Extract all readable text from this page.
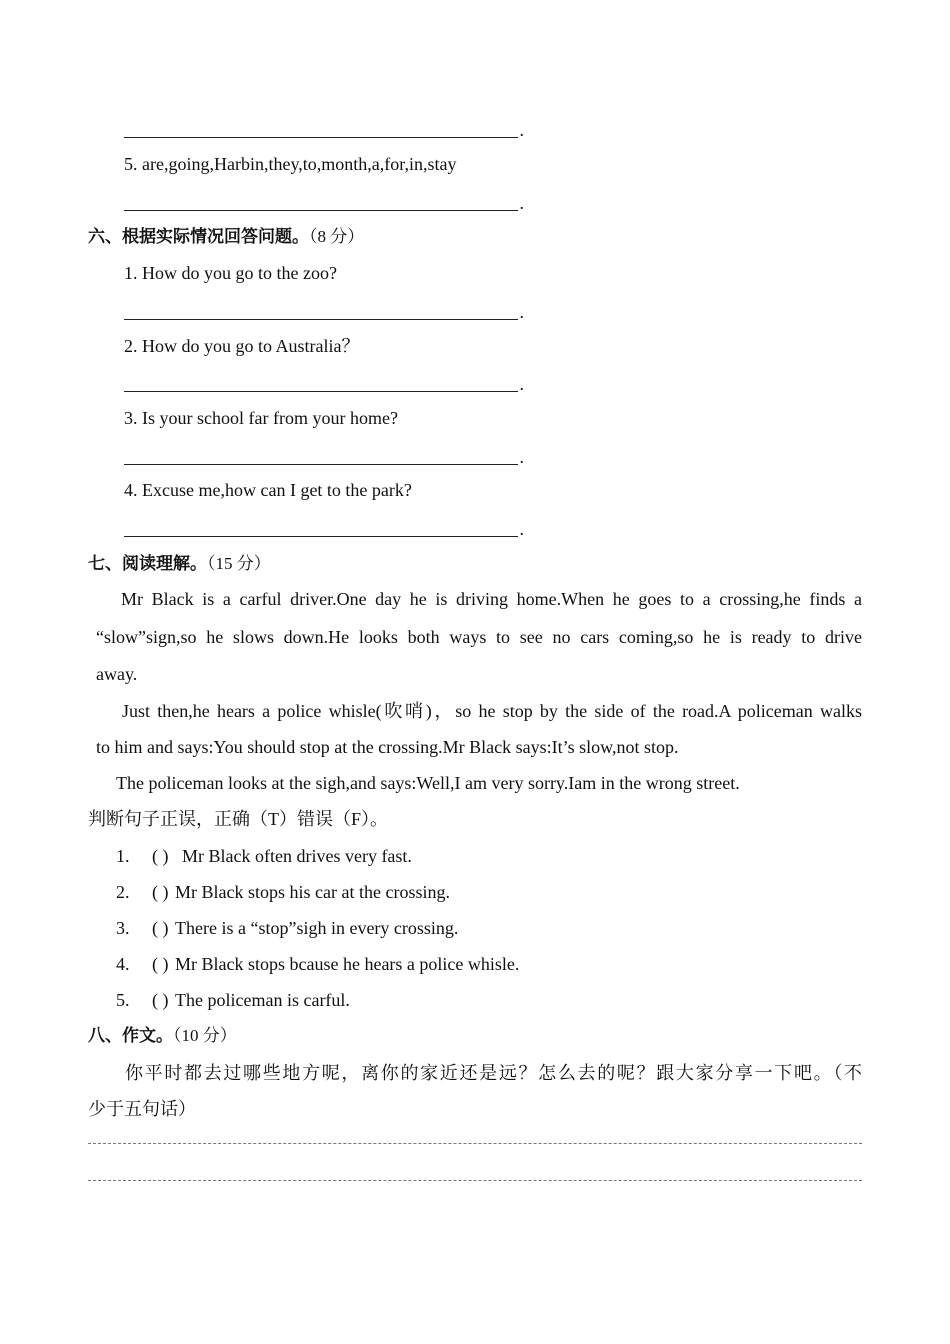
.
5. are,going,Harbin,they,to,month,a,for,in,stay
.
六、根据实际情况回答问题。（8 分）
1. How do you go to the zoo?
.
2. How do you go to Australia？
.
3. Is your school far from your home?
.
4. Excuse me,how can I get to the park?
.
七、阅读理解。（15 分）
Mr Black is a carful driver.One day he is driving home.When he goes to a crossing,he finds a
“slow”sign,so he slows down.He looks both ways to see no cars coming,so he is ready to drive
away.
Just then,he hears a police whisle(吹哨)，so he stop by the side of the road.A policeman walks
to him and says:You should stop at the crossing.Mr Black says:It’s slow,not stop.
The policeman looks at the sigh,and says:Well,I am very sorry.Iam in the wrong street.
判断句子正误，正确（T）错误（F）。
1. ( ) Mr Black often drives very fast.
2. ( ) Mr Black stops his car at the crossing.
3. ( ) There is a “stop”sigh in every crossing.
4. ( ) Mr Black stops bcause he hears a police whisle.
5. ( ) The policeman is carful.
八、作文。（10 分）
你平时都去过哪些地方呢，离你的家近还是远？怎么去的呢？跟大家分享一下吧。（不
少于五句话）
